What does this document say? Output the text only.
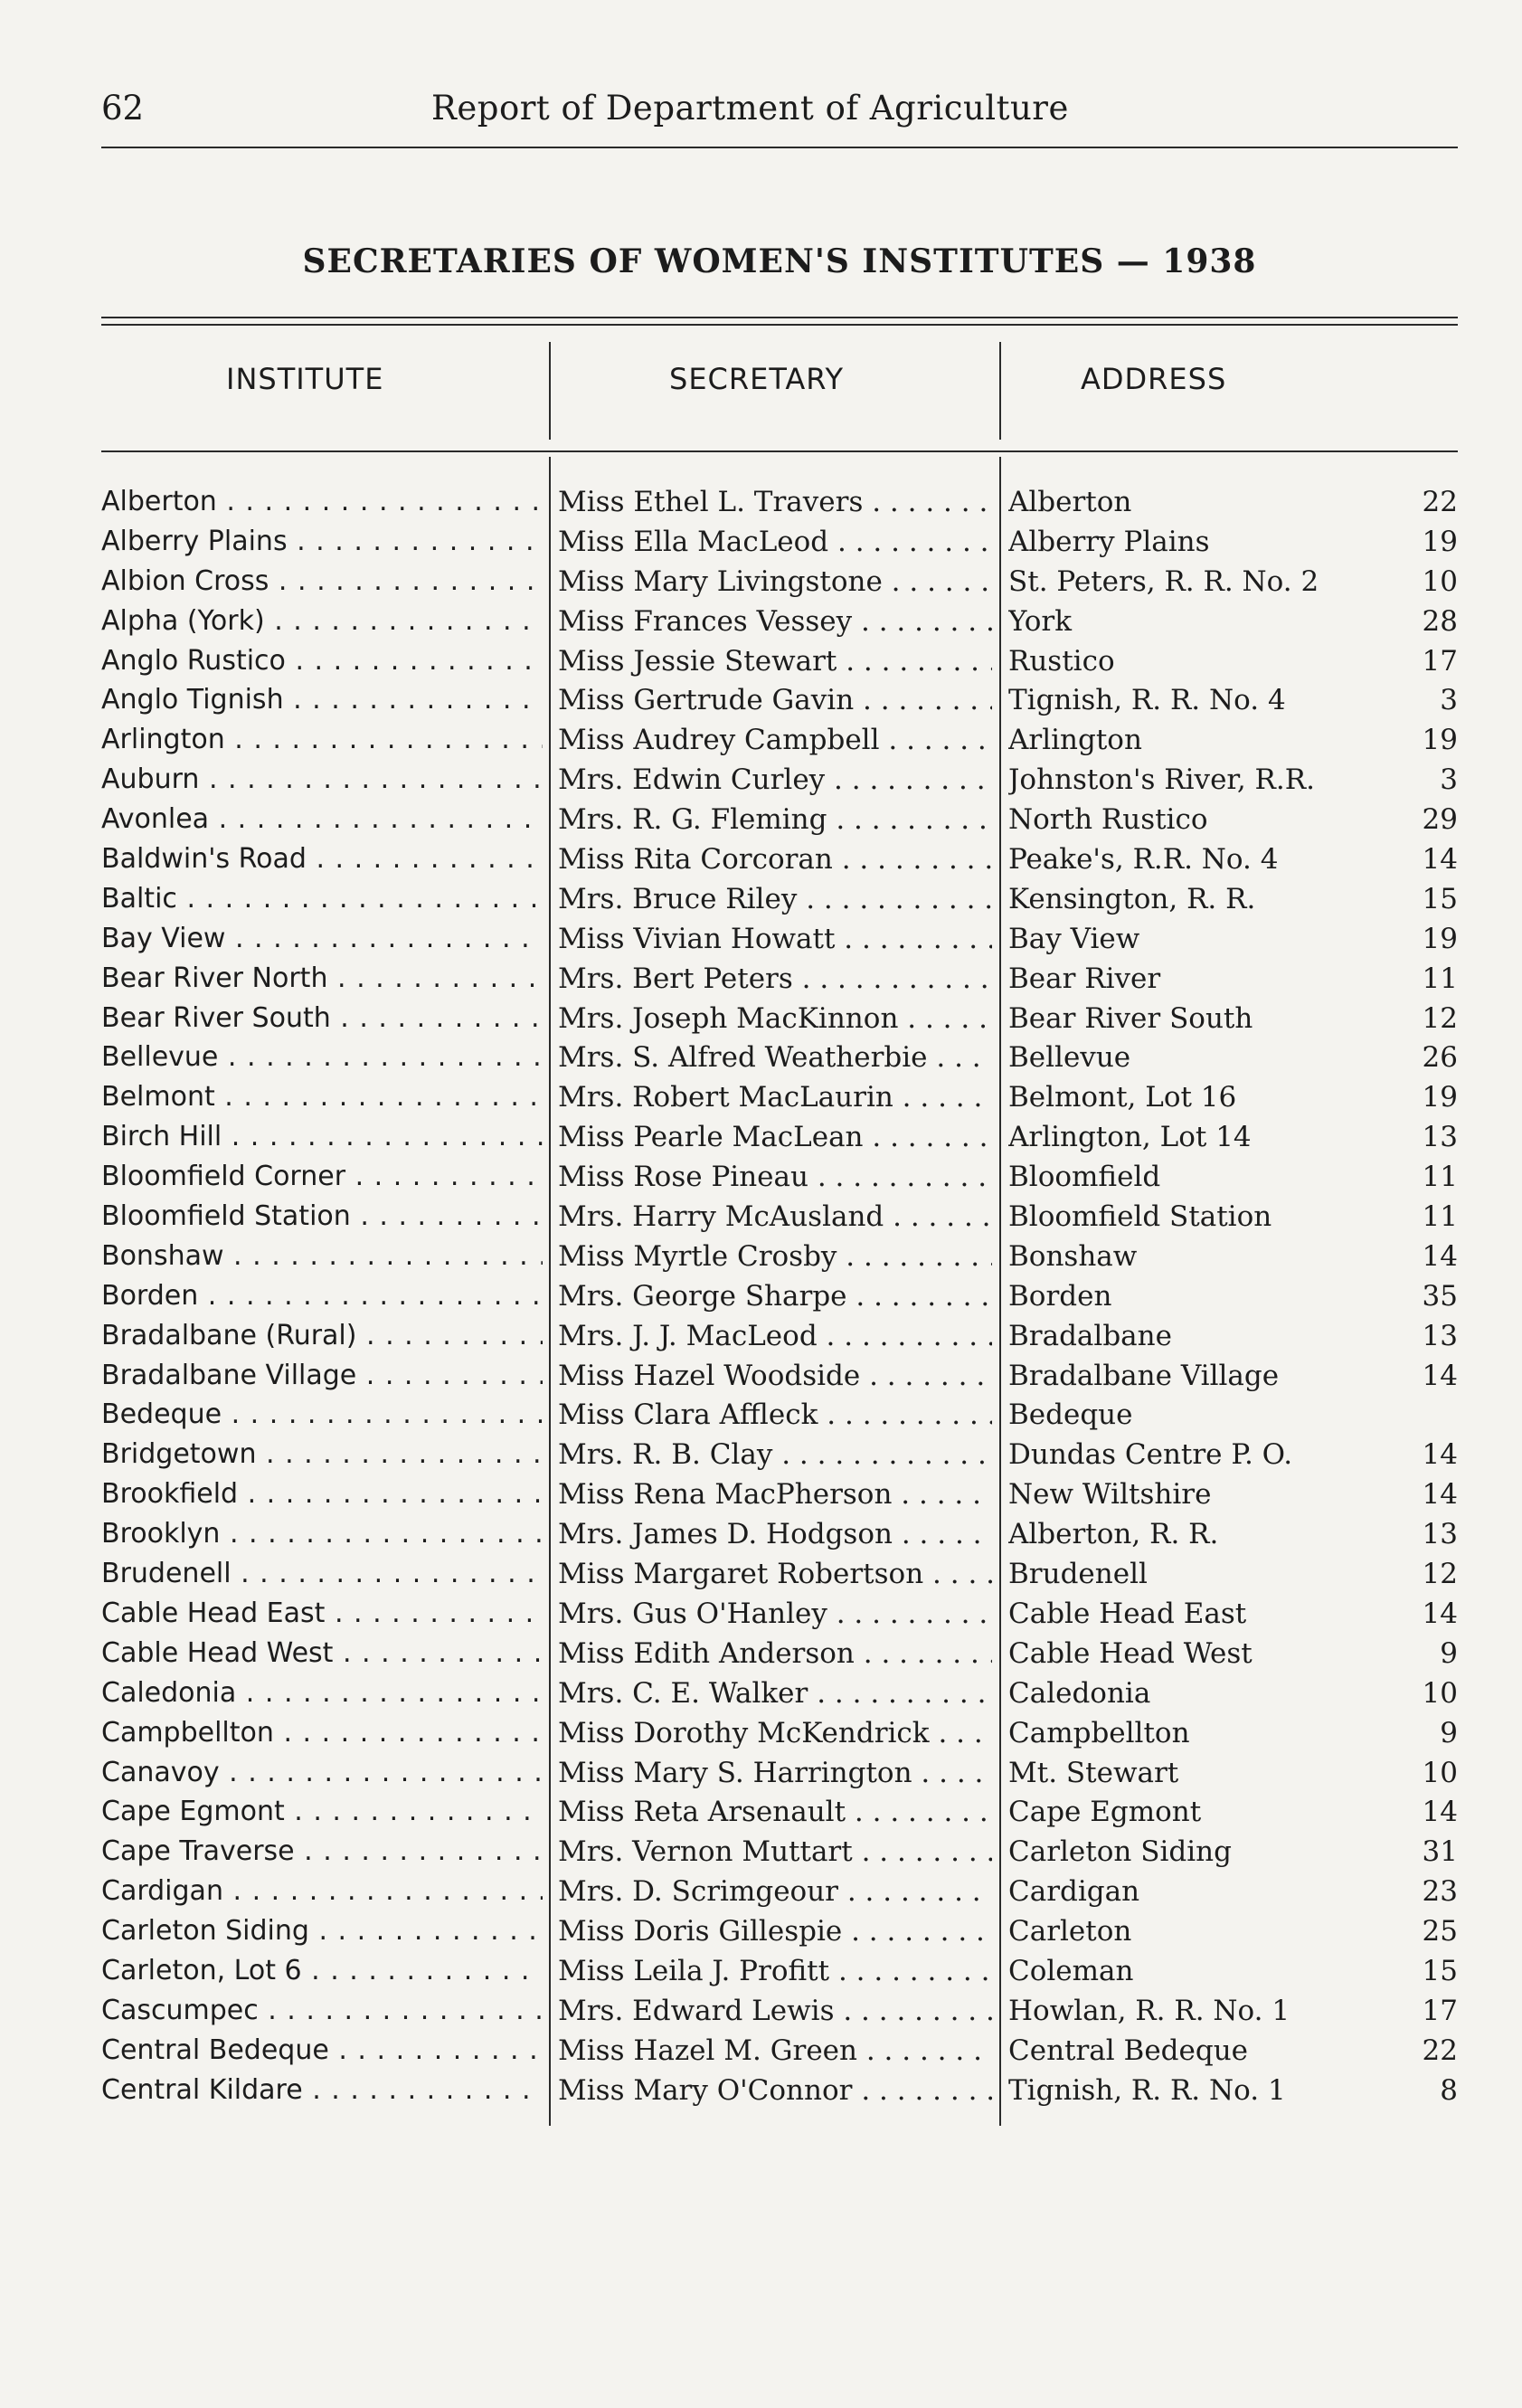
62	Report of Department of Agriculture
SECRETARIES OF WOMEN'S INSTITUTES — 1938
INSTITUTE	SECRETARY	ADDRESS
Alberton . . .	Miss Ethel L. Travers . . .	Alberton	22
Alberry Plains . . .	Miss Ella MacLeod . . .	Alberry Plains	19
Albion Cross . . .	Miss Mary Livingstone . . .	St. Peters, R. R. No. 2	10
Alpha (York) . . .	Miss Frances Vessey . . .	York	28
Anglo Rustico . . .	Miss Jessie Stewart . . .	Rustico	17
Anglo Tignish . . .	Miss Gertrude Gavin . . .	Tignish, R. R. No. 4	3
Arlington . . .	Miss Audrey Campbell . . .	Arlington	19
Auburn . . .	Mrs. Edwin Curley . . .	Johnston's River, R.R.	3
Avonlea . . .	Mrs. R. G. Fleming . . .	North Rustico	29
Baldwin's Road . . .	Miss Rita Corcoran . . .	Peake's, R.R. No. 4	14
Baltic . . .	Mrs. Bruce Riley . . .	Kensington, R. R.	15
Bay View . . .	Miss Vivian Howatt . . .	Bay View	19
Bear River North . . .	Mrs. Bert Peters . . .	Bear River	11
Bear River South . . .	Mrs. Joseph MacKinnon . . .	Bear River South	12
Bellevue . . .	Mrs. S. Alfred Weatherbie . . .	Bellevue	26
Belmont . . .	Mrs. Robert MacLaurin . . .	Belmont, Lot 16	19
Birch Hill . . .	Miss Pearle MacLean . . .	Arlington, Lot 14	13
Bloomfield Corner . . .	Miss Rose Pineau . . .	Bloomfield	11
Bloomfield Station . . .	Mrs. Harry McAusland . . .	Bloomfield Station	11
Bonshaw . . .	Miss Myrtle Crosby . . .	Bonshaw	14
Borden . . .	Mrs. George Sharpe . . .	Borden	35
Bradalbane (Rural) . . .	Mrs. J. J. MacLeod . . .	Bradalbane	13
Bradalbane Village . . .	Miss Hazel Woodside . . .	Bradalbane Village	14
Bedeque . . .	Miss Clara Affleck . . .	Bedeque
Bridgetown . . .	Mrs. R. B. Clay . . .	Dundas Centre P. O.	14
Brookfield . . .	Miss Rena MacPherson . . .	New Wiltshire	14
Brooklyn . . .	Mrs. James D. Hodgson . . .	Alberton, R. R.	13
Brudenell . . .	Miss Margaret Robertson . . .	Brudenell	12
Cable Head East . . .	Mrs. Gus O'Hanley . . .	Cable Head East	14
Cable Head West . . .	Miss Edith Anderson . . .	Cable Head West	9
Caledonia . . .	Mrs. C. E. Walker . . .	Caledonia	10
Campbellton . . .	Miss Dorothy McKendrick . . .	Campbellton	9
Canavoy . . .	Miss Mary S. Harrington . . .	Mt. Stewart	10
Cape Egmont . . .	Miss Reta Arsenault . . .	Cape Egmont	14
Cape Traverse . . .	Mrs. Vernon Muttart . . .	Carleton Siding	31
Cardigan . . .	Mrs. D. Scrimgeour . . .	Cardigan	23
Carleton Siding . . .	Miss Doris Gillespie . . .	Carleton	25
Carleton, Lot 6 . . .	Miss Leila J. Profitt . . .	Coleman	15
Cascumpec . . .	Mrs. Edward Lewis . . .	Howlan, R. R. No. 1	17
Central Bedeque . . .	Miss Hazel M. Green . . .	Central Bedeque	22
Central Kildare . . .	Miss Mary O'Connor . . .	Tignish, R. R. No. 1	8
